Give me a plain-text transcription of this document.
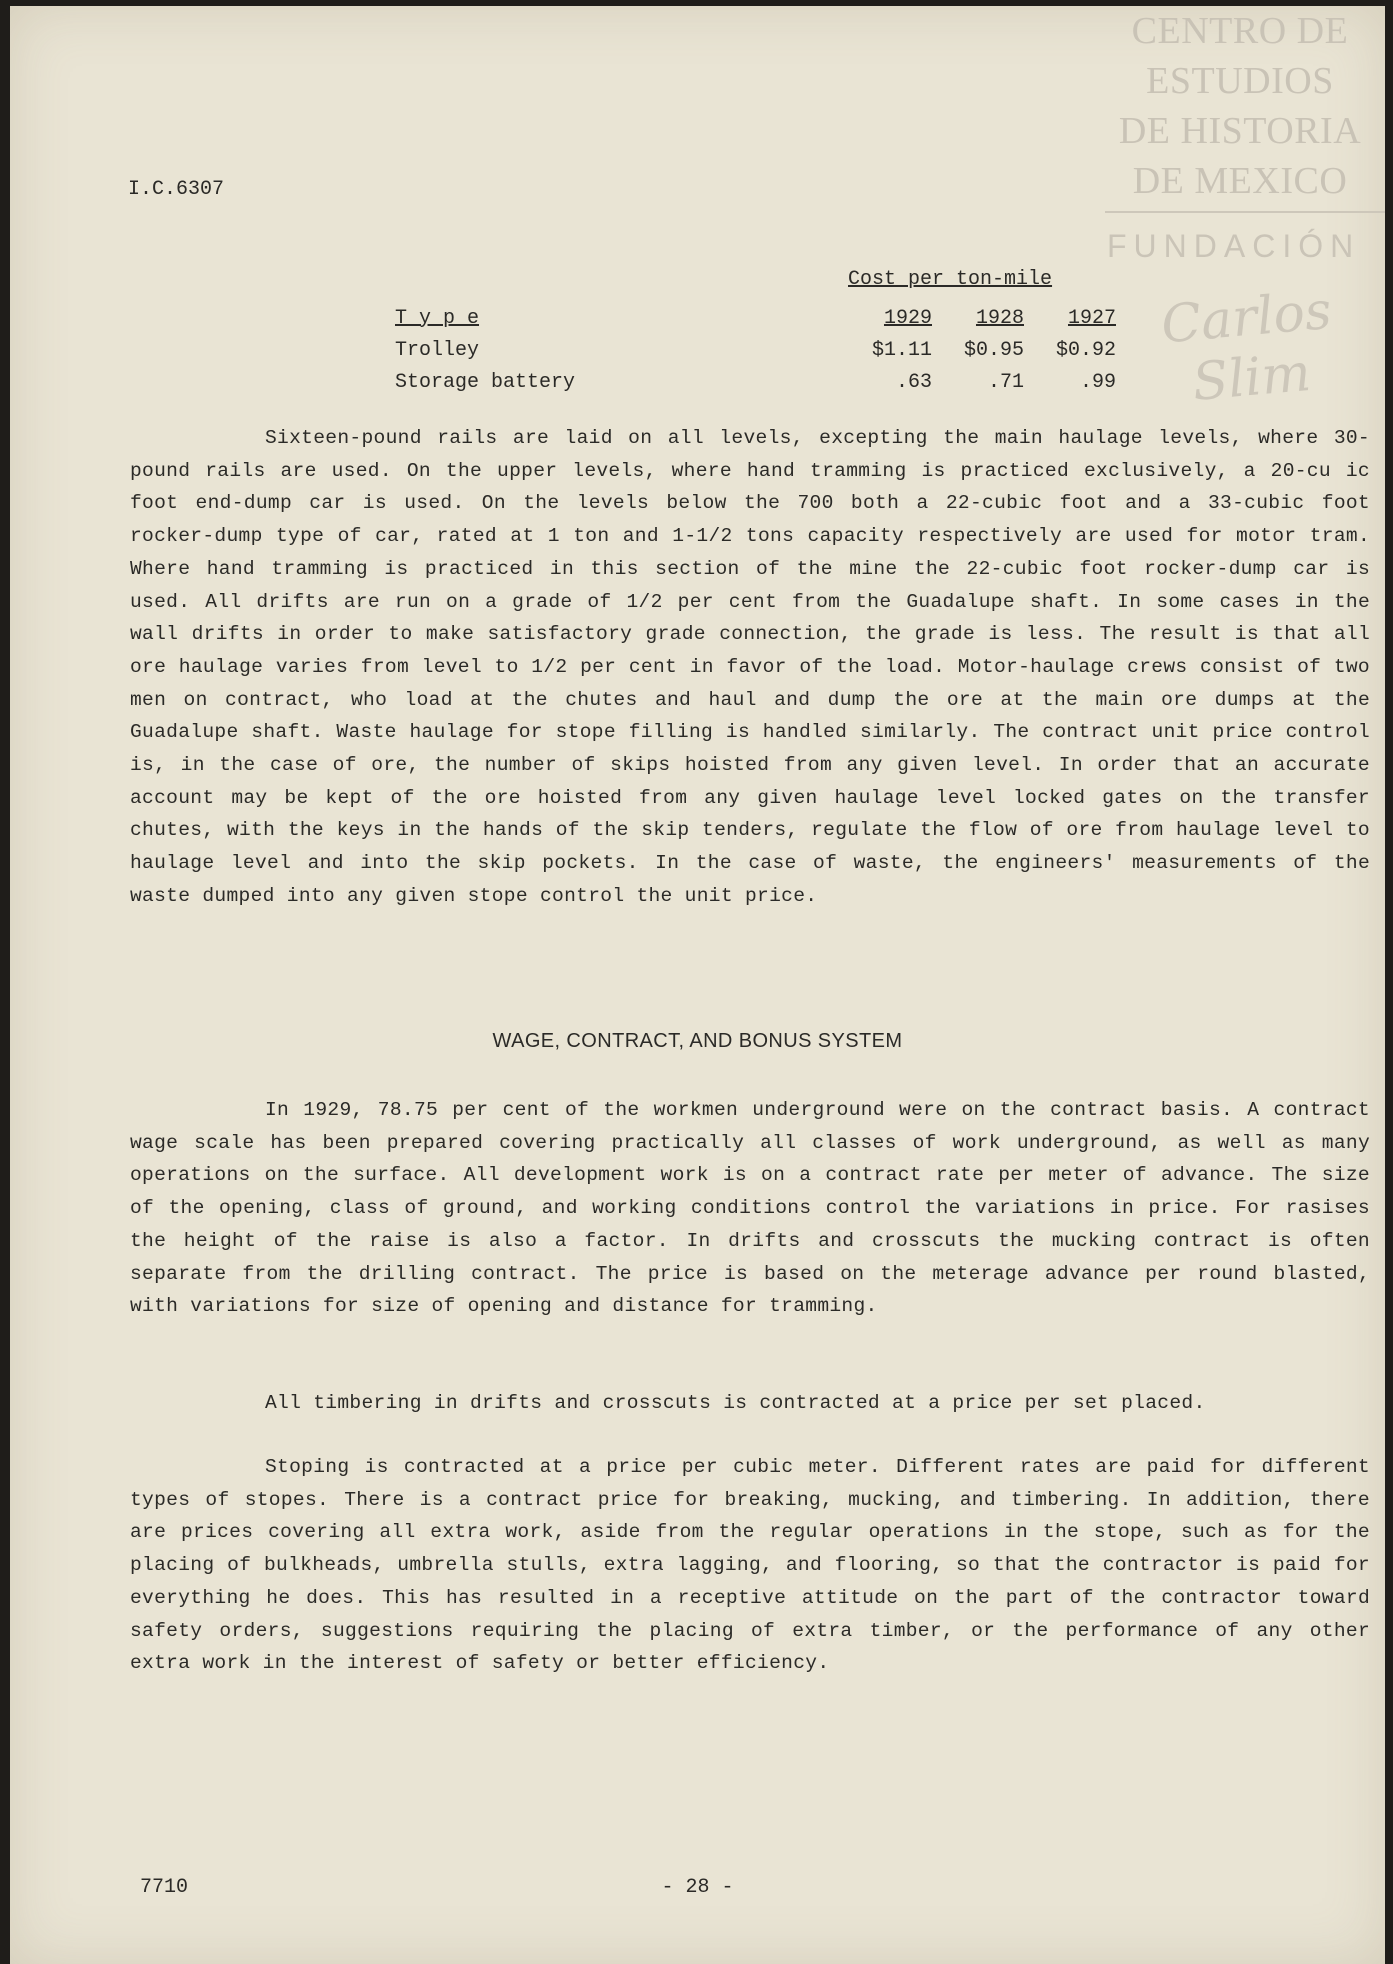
CENTRO DE
ESTUDIOS
DE HISTORIA
DE MEXICO
FUNDACIÓN
Carlos Slim
I.C.6307
Cost per ton-mile
T y p e	1929	1928	1927
Trolley	$1.11	$0.95	$0.92
Storage battery	.63	.71	.99

Sixteen-pound rails are laid on all levels, excepting the main haulage levels, where 30-pound rails are used. On the upper levels, where hand tramming is practiced exclusively, a 20-cu ic foot end-dump car is used. On the levels below the 700 both a 22-cubic foot and a 33-cubic foot rocker-dump type of car, rated at 1 ton and 1-1/2 tons capacity respectively are used for motor tram. Where hand tramming is practiced in this section of the mine the 22-cubic foot rocker-dump car is used. All drifts are run on a grade of 1/2 per cent from the Guadalupe shaft. In some cases in the wall drifts in order to make satisfactory grade connection, the grade is less. The result is that all ore haulage varies from level to 1/2 per cent in favor of the load. Motor-haulage crews consist of two men on contract, who load at the chutes and haul and dump the ore at the main ore dumps at the Guadalupe shaft. Waste haulage for stope filling is handled similarly. The contract unit price control is, in the case of ore, the number of skips hoisted from any given level. In order that an accurate account may be kept of the ore hoisted from any given haulage level locked gates on the transfer chutes, with the keys in the hands of the skip tenders, regulate the flow of ore from haulage level to haulage level and into the skip pockets. In the case of waste, the engineers' measurements of the waste dumped into any given stope control the unit price.

WAGE, CONTRACT, AND BONUS SYSTEM

In 1929, 78.75 per cent of the workmen underground were on the contract basis. A contract wage scale has been prepared covering practically all classes of work underground, as well as many operations on the surface. All development work is on a contract rate per meter of advance. The size of the opening, class of ground, and working conditions control the variations in price. For rasises the height of the raise is also a factor. In drifts and crosscuts the mucking contract is often separate from the drilling contract. The price is based on the meterage advance per round blasted, with variations for size of opening and distance for tramming.

All timbering in drifts and crosscuts is contracted at a price per set placed.

Stoping is contracted at a price per cubic meter. Different rates are paid for different types of stopes. There is a contract price for breaking, mucking, and timbering. In addition, there are prices covering all extra work, aside from the regular operations in the stope, such as for the placing of bulkheads, umbrella stulls, extra lagging, and flooring, so that the contractor is paid for everything he does. This has resulted in a receptive attitude on the part of the contractor toward safety orders, suggestions requiring the placing of extra timber, or the performance of any other extra work in the interest of safety or better efficiency.

7710	- 28 -
